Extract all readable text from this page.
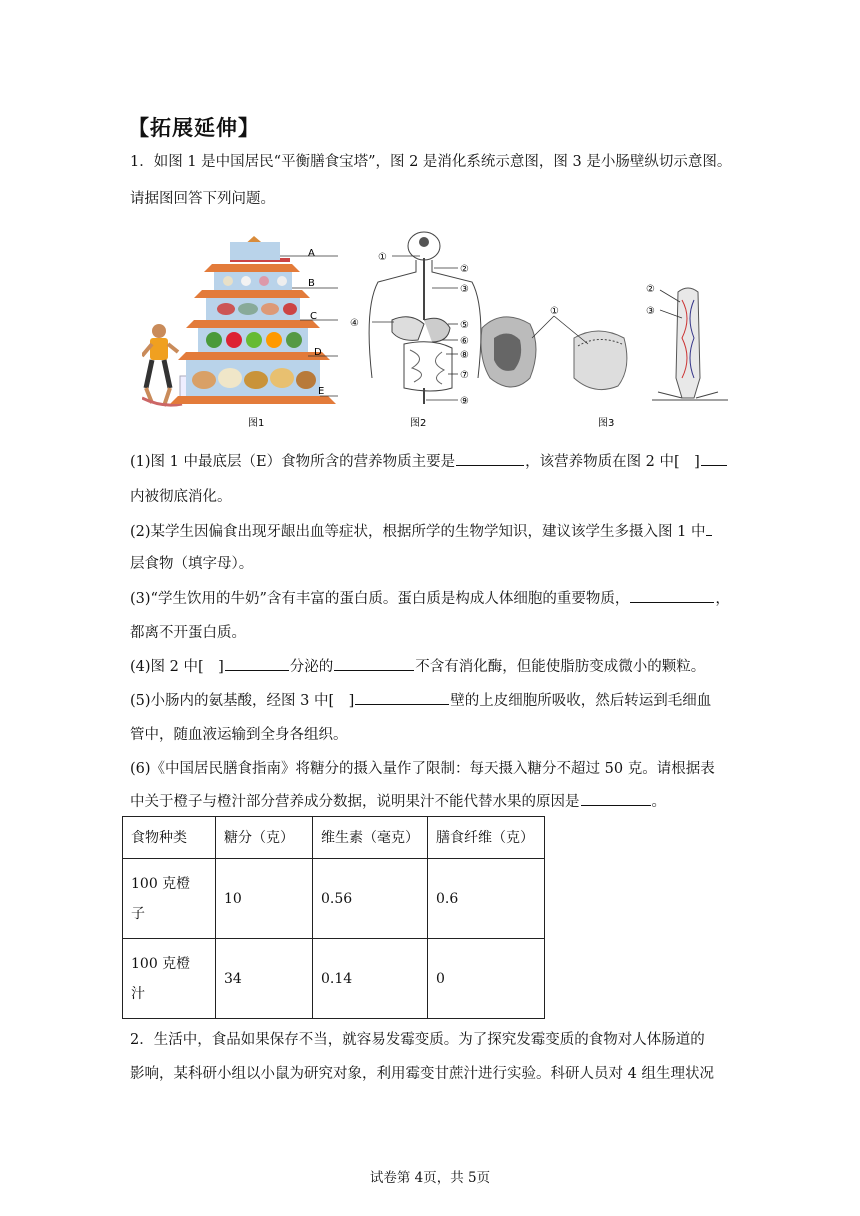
【拓展延伸】
1．如图 1 是中国居民“平衡膳食宝塔”，图 2 是消化系统示意图，图 3 是小肠壁纵切示意图。
请据图回答下列问题。
A
B
C
D
E
①
②
③
④	⑤
⑥
⑧
⑦
⑨
①
②
③
图1	图2	图3
(1)图 1 中最底层（E）食物所含的营养物质主要是	，该营养物质在图 2 中[　]
内被彻底消化。
(2)某学生因偏食出现牙龈出血等症状，根据所学的生物学知识，建议该学生多摄入图 1 中
层食物（填字母）。
(3)“学生饮用的牛奶”含有丰富的蛋白质。蛋白质是构成人体细胞的重要物质，	，
都离不开蛋白质。
(4)图 2 中[　]	分泌的	不含有消化酶，但能使脂肪变成微小的颗粒。
(5)小肠内的氨基酸，经图 3 中[　]	壁的上皮细胞所吸收，然后转运到毛细血
管中，随血液运输到全身各组织。
(6)《中国居民膳食指南》将糖分的摄入量作了限制：每天摄入糖分不超过 50 克。请根据表
中关于橙子与橙汁部分营养成分数据，说明果汁不能代替水果的原因是	。
食物种类	糖分（克）	维生素（毫克）	膳食纤维（克）
100 克橙
子	10	0.56	0.6
100 克橙
汁	34	0.14	0
2．生活中，食品如果保存不当，就容易发霉变质。为了探究发霉变质的食物对人体肠道的
影响，某科研小组以小鼠为研究对象，利用霉变甘蔗汁进行实验。科研人员对 4 组生理状况
试卷第 4页，共 5页
